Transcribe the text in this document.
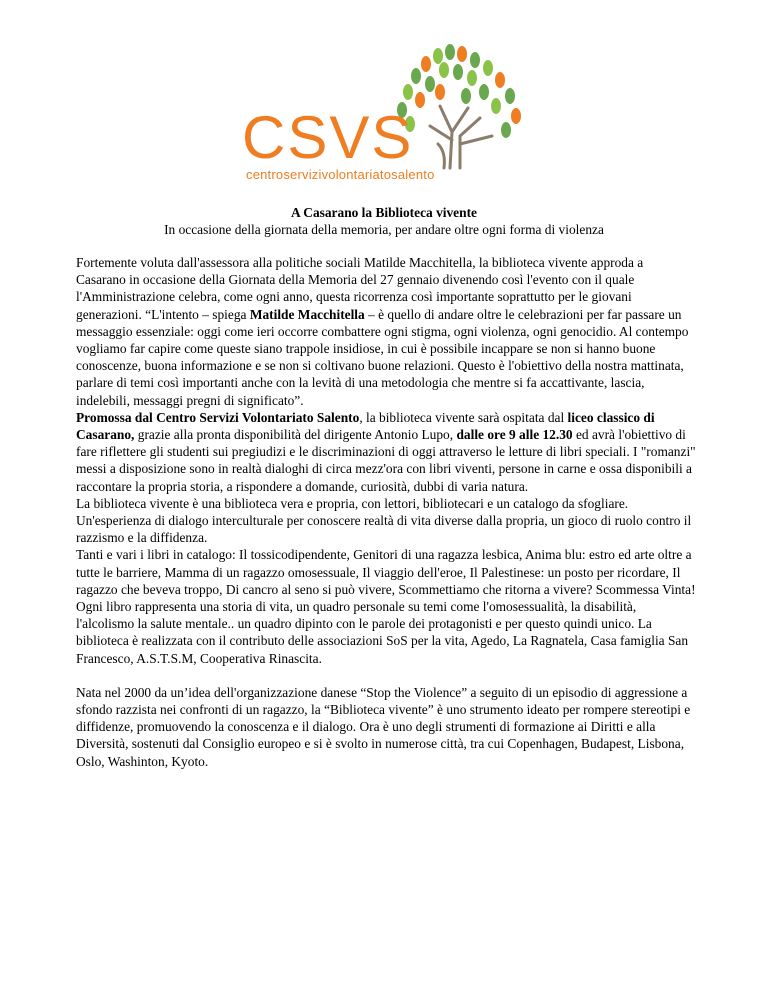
CSVS
centroservizivolontariatosalento
A Casarano la Biblioteca vivente
In occasione della giornata della memoria, per andare oltre ogni forma di violenza

Fortemente voluta dall'assessora alla politiche sociali Matilde Macchitella, la biblioteca vivente approda a Casarano in occasione della Giornata della Memoria del 27 gennaio divenendo così l'evento con il quale l'Amministrazione celebra, come ogni anno, questa ricorrenza così importante soprattutto per le giovani generazioni. “L'intento – spiega Matilde Macchitella – è quello di andare oltre le celebrazioni per far passare un messaggio essenziale: oggi come ieri occorre combattere ogni stigma, ogni violenza, ogni genocidio. Al contempo vogliamo far capire come queste siano trappole insidiose, in cui è possibile incappare se non si hanno buone conoscenze, buona informazione e se non si coltivano buone relazioni. Questo è l'obiettivo della nostra mattinata, parlare di temi così importanti anche con la levità di una metodologia che mentre si fa accattivante, lascia, indelebili, messaggi pregni di significato”.

Promossa dal Centro Servizi Volontariato Salento, la biblioteca vivente sarà ospitata dal liceo classico di Casarano, grazie alla pronta disponibilità del dirigente Antonio Lupo, dalle ore 9 alle 12.30 ed avrà l'obiettivo di fare riflettere gli studenti sui pregiudizi e le discriminazioni di oggi attraverso le letture di libri speciali. I "romanzi" messi a disposizione sono in realtà dialoghi di circa mezz'ora con libri viventi, persone in carne e ossa disponibili a raccontare la propria storia, a rispondere a domande, curiosità, dubbi di varia natura.

La biblioteca vivente è una biblioteca vera e propria, con lettori, bibliotecari e un catalogo da sfogliare. Un'esperienza di dialogo interculturale per conoscere realtà di vita diverse dalla propria, un gioco di ruolo contro il razzismo e la diffidenza.

Tanti e vari i libri in catalogo: Il tossicodipendente, Genitori di una ragazza lesbica, Anima blu: estro ed arte oltre a tutte le barriere, Mamma di un ragazzo omosessuale, Il viaggio dell'eroe, Il Palestinese: un posto per ricordare, Il ragazzo che beveva troppo, Di cancro al seno si può vivere, Scommettiamo che ritorna a vivere? Scommessa Vinta! Ogni libro rappresenta una storia di vita, un quadro personale su temi come l'omosessualità, la disabilità, l'alcolismo la salute mentale.. un quadro dipinto con le parole dei protagonisti e per questo quindi unico. La biblioteca è realizzata con il contributo delle associazioni SoS per la vita, Agedo, La Ragnatela, Casa famiglia San Francesco, A.S.T.S.M, Cooperativa Rinascita.

Nata nel 2000 da un’idea dell'organizzazione danese “Stop the Violence” a seguito di un episodio di aggressione a sfondo razzista nei confronti di un ragazzo, la “Biblioteca vivente” è uno strumento ideato per rompere stereotipi e diffidenze, promuovendo la conoscenza e il dialogo. Ora è uno degli strumenti di formazione ai Diritti e alla Diversità, sostenuti dal Consiglio europeo e si è svolto in numerose città, tra cui Copenhagen, Budapest, Lisbona, Oslo, Washinton, Kyoto.
